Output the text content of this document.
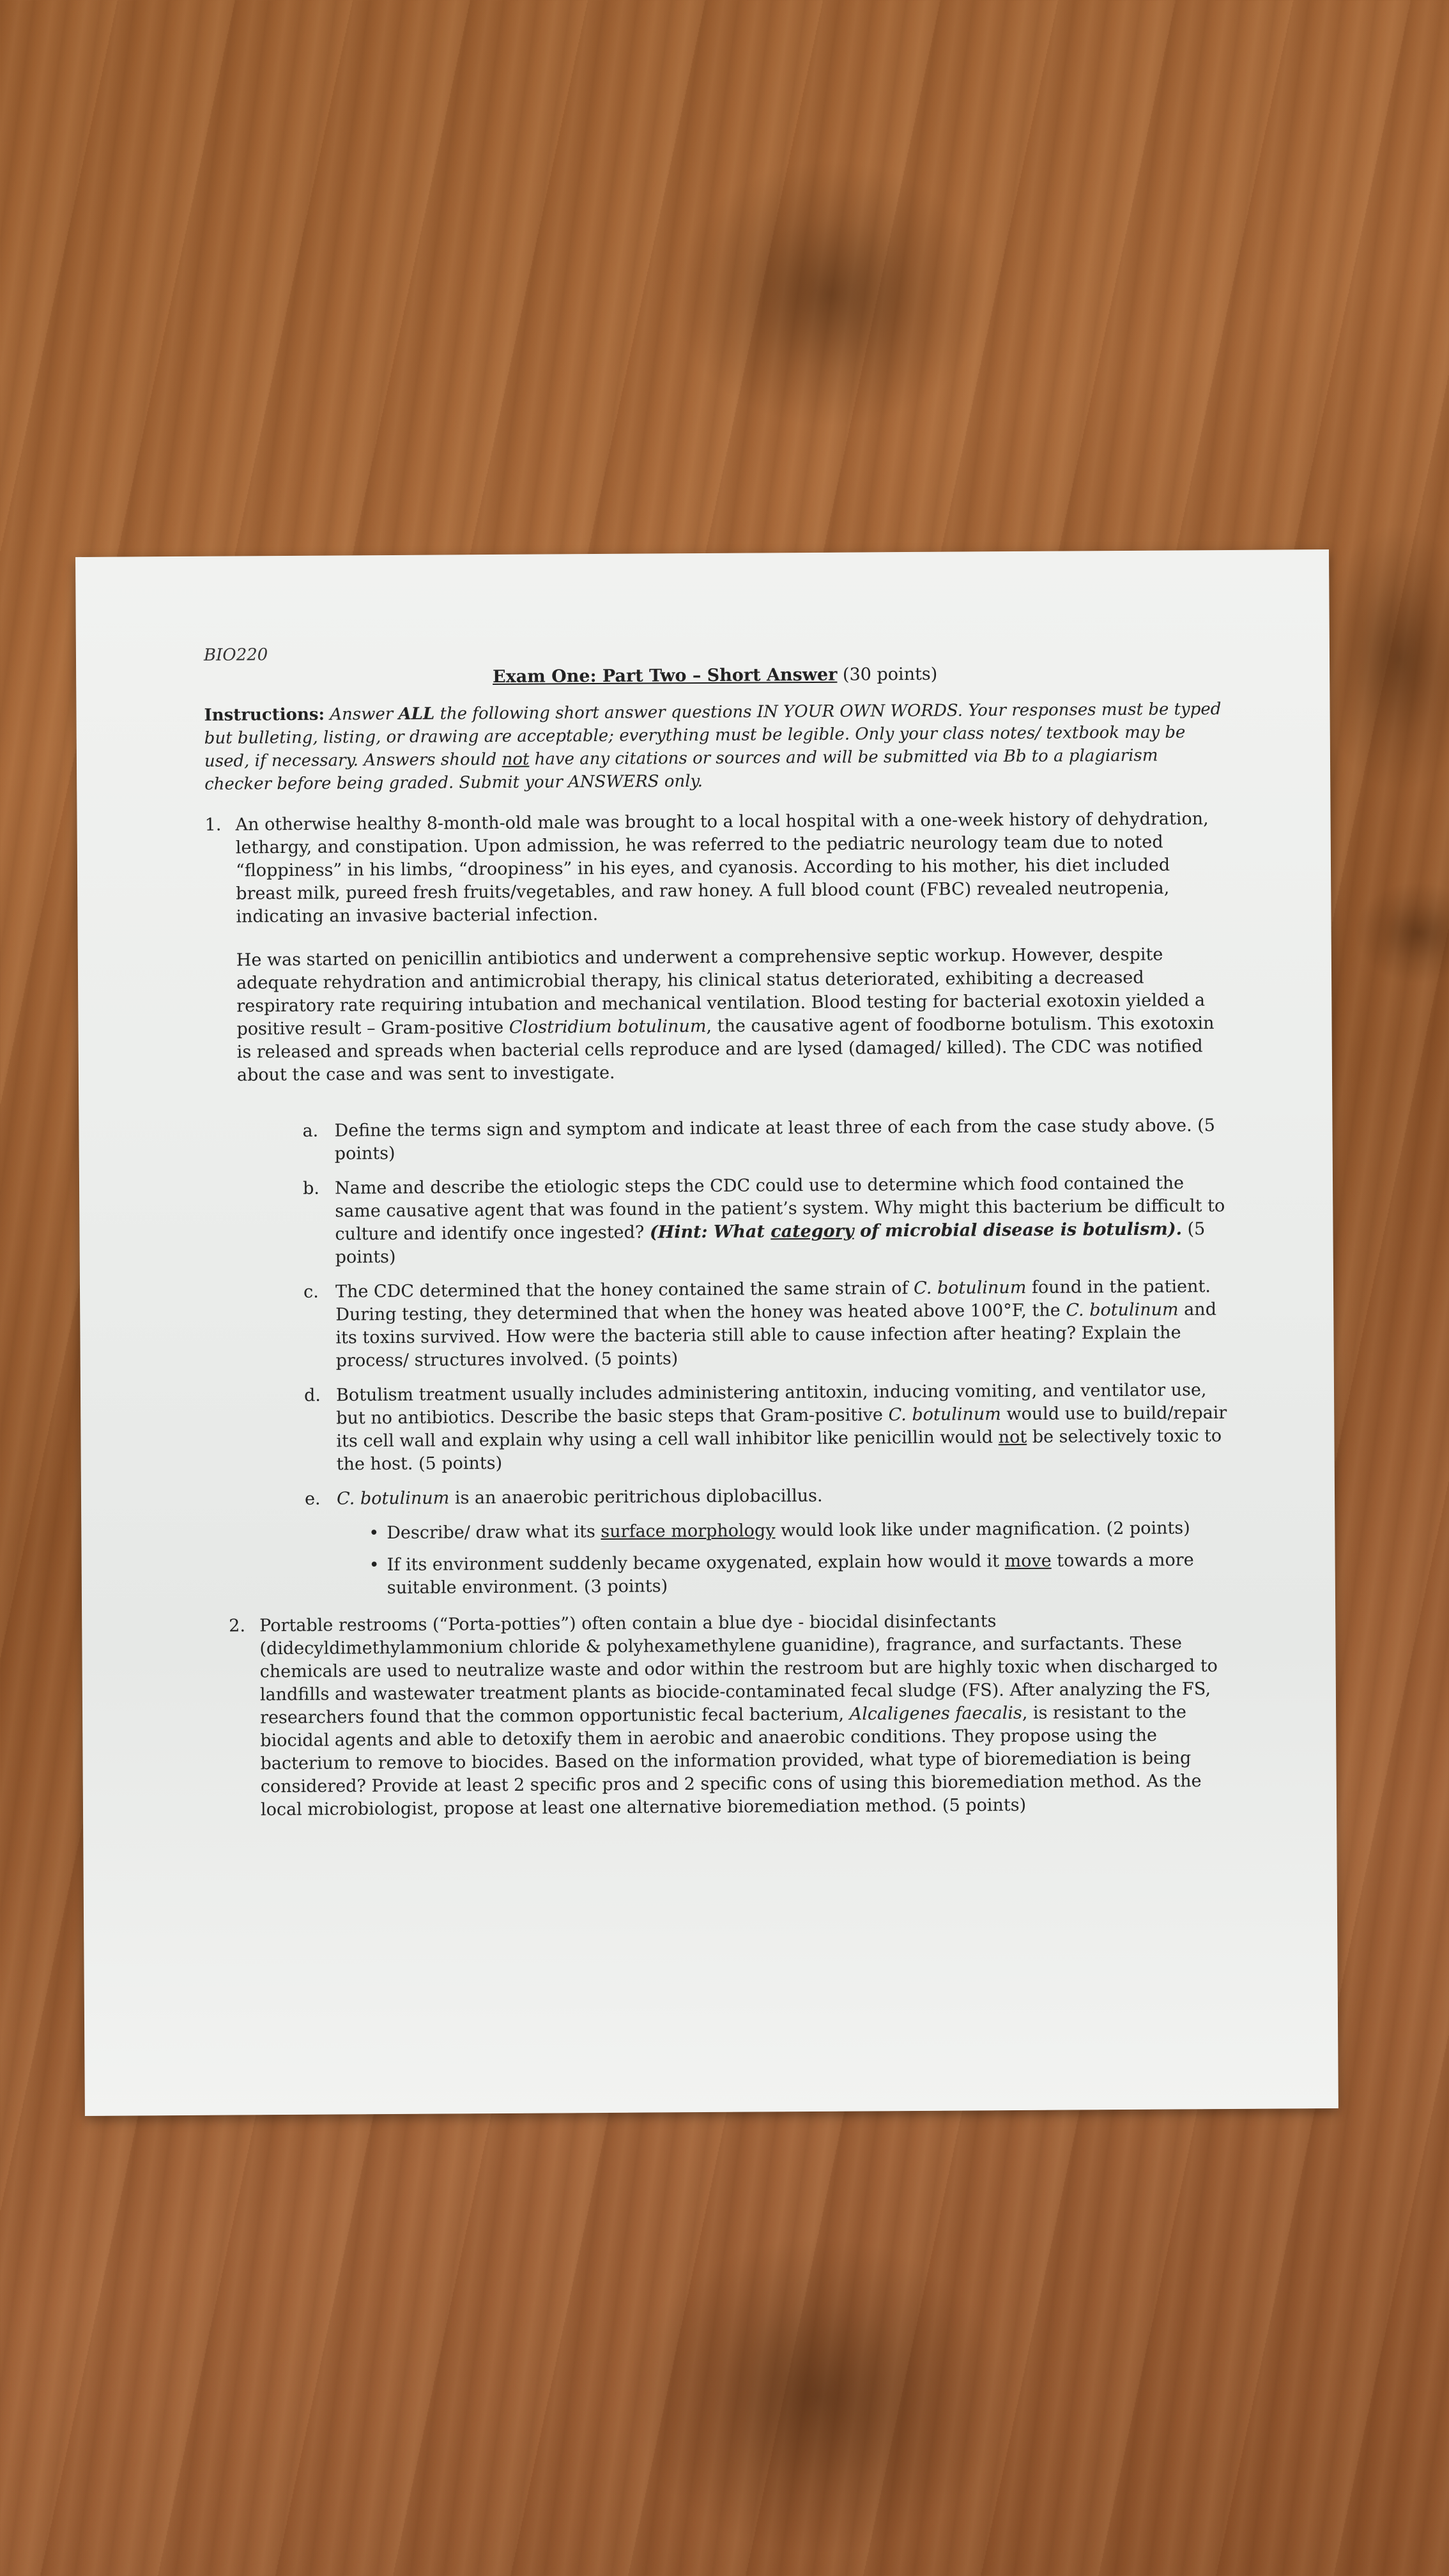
BIO220
Exam One: Part Two – Short Answer (30 points)
Instructions: Answer ALL the following short answer questions IN YOUR OWN WORDS. Your responses must be typed but bulleting, listing, or drawing are acceptable; everything must be legible. Only your class notes/ textbook may be used, if necessary. Answers should not have any citations or sources and will be submitted via Bb to a plagiarism checker before being graded. Submit your ANSWERS only.
1. An otherwise healthy 8-month-old male was brought to a local hospital with a one-week history of dehydration, lethargy, and constipation. Upon admission, he was referred to the pediatric neurology team due to noted “floppiness” in his limbs, “droopiness” in his eyes, and cyanosis. According to his mother, his diet included breast milk, pureed fresh fruits/vegetables, and raw honey. A full blood count (FBC) revealed neutropenia, indicating an invasive bacterial infection.
He was started on penicillin antibiotics and underwent a comprehensive septic workup. However, despite adequate rehydration and antimicrobial therapy, his clinical status deteriorated, exhibiting a decreased respiratory rate requiring intubation and mechanical ventilation. Blood testing for bacterial exotoxin yielded a positive result – Gram-positive Clostridium botulinum, the causative agent of foodborne botulism. This exotoxin is released and spreads when bacterial cells reproduce and are lysed (damaged/ killed). The CDC was notified about the case and was sent to investigate.
a. Define the terms sign and symptom and indicate at least three of each from the case study above. (5 points)
b. Name and describe the etiologic steps the CDC could use to determine which food contained the same causative agent that was found in the patient’s system. Why might this bacterium be difficult to culture and identify once ingested? (Hint: What category of microbial disease is botulism). (5 points)
c. The CDC determined that the honey contained the same strain of C. botulinum found in the patient. During testing, they determined that when the honey was heated above 100°F, the C. botulinum and its toxins survived. How were the bacteria still able to cause infection after heating? Explain the process/ structures involved. (5 points)
d. Botulism treatment usually includes administering antitoxin, inducing vomiting, and ventilator use, but no antibiotics. Describe the basic steps that Gram-positive C. botulinum would use to build/repair its cell wall and explain why using a cell wall inhibitor like penicillin would not be selectively toxic to the host. (5 points)
e. C. botulinum is an anaerobic peritrichous diplobacillus.
• Describe/ draw what its surface morphology would look like under magnification. (2 points)
• If its environment suddenly became oxygenated, explain how would it move towards a more suitable environment. (3 points)
2. Portable restrooms (“Porta-potties”) often contain a blue dye - biocidal disinfectants (didecyldimethylammonium chloride & polyhexamethylene guanidine), fragrance, and surfactants. These chemicals are used to neutralize waste and odor within the restroom but are highly toxic when discharged to landfills and wastewater treatment plants as biocide-contaminated fecal sludge (FS). After analyzing the FS, researchers found that the common opportunistic fecal bacterium, Alcaligenes faecalis, is resistant to the biocidal agents and able to detoxify them in aerobic and anaerobic conditions. They propose using the bacterium to remove to biocides. Based on the information provided, what type of bioremediation is being considered? Provide at least 2 specific pros and 2 specific cons of using this bioremediation method. As the local microbiologist, propose at least one alternative bioremediation method. (5 points)
